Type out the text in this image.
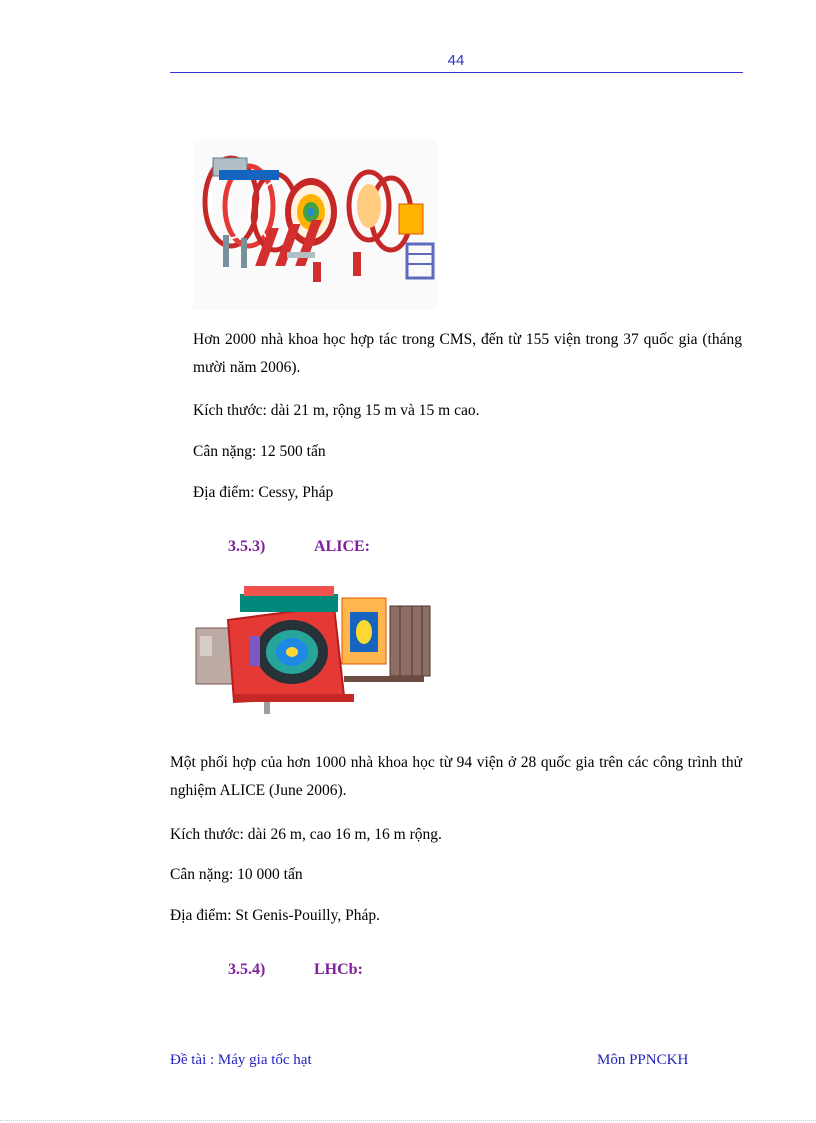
44
Hơn 2000 nhà khoa học hợp tác trong CMS, đến từ 155 viện trong 37 quốc gia (tháng mười năm 2006).
Kích thước: dài 21 m, rộng 15 m và 15 m cao.
Cân nặng: 12 500 tấn
Địa điểm: Cessy, Pháp
3.5.3)	ALICE:
Một phối hợp của hơn 1000 nhà khoa học từ 94 viện ở 28 quốc gia trên các công trình thử nghiệm ALICE (June 2006).
Kích thước: dài 26 m, cao 16 m, 16 m rộng.
Cân nặng: 10 000 tấn
Địa điểm: St Genis-Pouilly, Pháp.
3.5.4)	LHCb:
Đề tài : Máy gia tốc hạt	Môn PPNCKH
